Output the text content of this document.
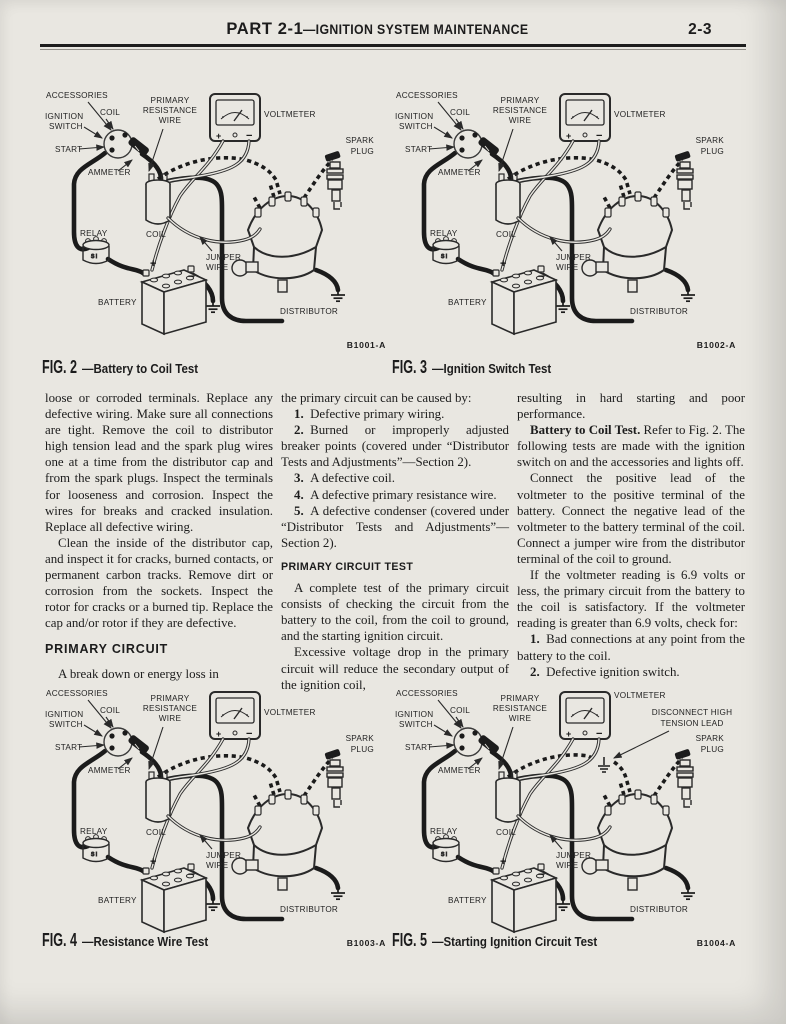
PART 2-1—IGNITION SYSTEM MAINTENANCE	2-3
+ −
S I
+
−
ACCESSORIES
COIL
IGNITION
SWITCH
START
AMMETER
PRIMARY
RESISTANCE
WIRE
VOLTMETER
SPARK
PLUG
COIL
RELAY
JUMPER
WIRE
BATTERY
DISTRIBUTOR
B1001-A
FIG. 2 —Battery to Coil Test
+ −
S I
+
−
ACCESSORIES
COIL
IGNITION
SWITCH
START
AMMETER
PRIMARY
RESISTANCE
WIRE
VOLTMETER
SPARK
PLUG
COIL
RELAY
JUMPER
WIRE
BATTERY
DISTRIBUTOR
B1002-A
FIG. 3 —Ignition Switch Test
+ −
S I
+
−
ACCESSORIES
COIL
IGNITION
SWITCH
START
AMMETER
PRIMARY
RESISTANCE
WIRE
VOLTMETER
SPARK
PLUG
COIL
RELAY
JUMPER
WIRE
BATTERY
DISTRIBUTOR
B1003-A
FIG. 4 —Resistance Wire Test
+ −
S I
+
−
ACCESSORIES
COIL
IGNITION
SWITCH
START
AMMETER
PRIMARY
RESISTANCE
WIRE
VOLTMETER
SPARK
PLUG
DISCONNECT HIGH
TENSION LEAD
COIL
RELAY
JUMPER
WIRE
BATTERY
DISTRIBUTOR
B1004-A
FIG. 5 —Starting Ignition Circuit Test

loose or corroded terminals. Replace any defective wiring. Make sure all connections are tight. Remove the coil to distributor high tension lead and the spark plug wires one at a time from the distributor cap and from the spark plugs. Inspect the terminals for looseness and corrosion. Inspect the wires for breaks and cracked insulation. Replace all defective wiring.

Clean the inside of the distributor cap, and inspect it for cracks, burned contacts, or permanent carbon tracks. Remove dirt or corrosion from the sockets. Inspect the rotor for cracks or a burned tip. Replace the cap and/or rotor if they are defective.

PRIMARY CIRCUIT

A break down or energy loss in

the primary circuit can be caused by:

1.  Defective primary wiring.

2.  Burned or improperly adjusted breaker points (covered under “Distributor Tests and Adjustments”—Section 2).

3.  A defective coil.

4.  A defective primary resistance wire.

5.  A defective condenser (covered under “Distributor Tests and Adjustments”—Section 2).

PRIMARY CIRCUIT TEST

A complete test of the primary circuit consists of checking the circuit from the battery to the coil, from the coil to ground, and the starting ignition circuit.

Excessive voltage drop in the primary circuit will reduce the secondary output of the ignition coil,

resulting in hard starting and poor performance.

Battery to Coil Test. Refer to Fig. 2. The following tests are made with the ignition switch on and the accessories and lights off.

Connect the positive lead of the voltmeter to the positive terminal of the battery. Connect the negative lead of the voltmeter to the battery terminal of the coil. Connect a jumper wire from the distributor terminal of the coil to ground.

If the voltmeter reading is 6.9 volts or less, the primary circuit from the battery to the coil is satisfactory. If the voltmeter reading is greater than 6.9 volts, check for:

1.  Bad connections at any point from the battery to the coil.

2.  Defective ignition switch.
